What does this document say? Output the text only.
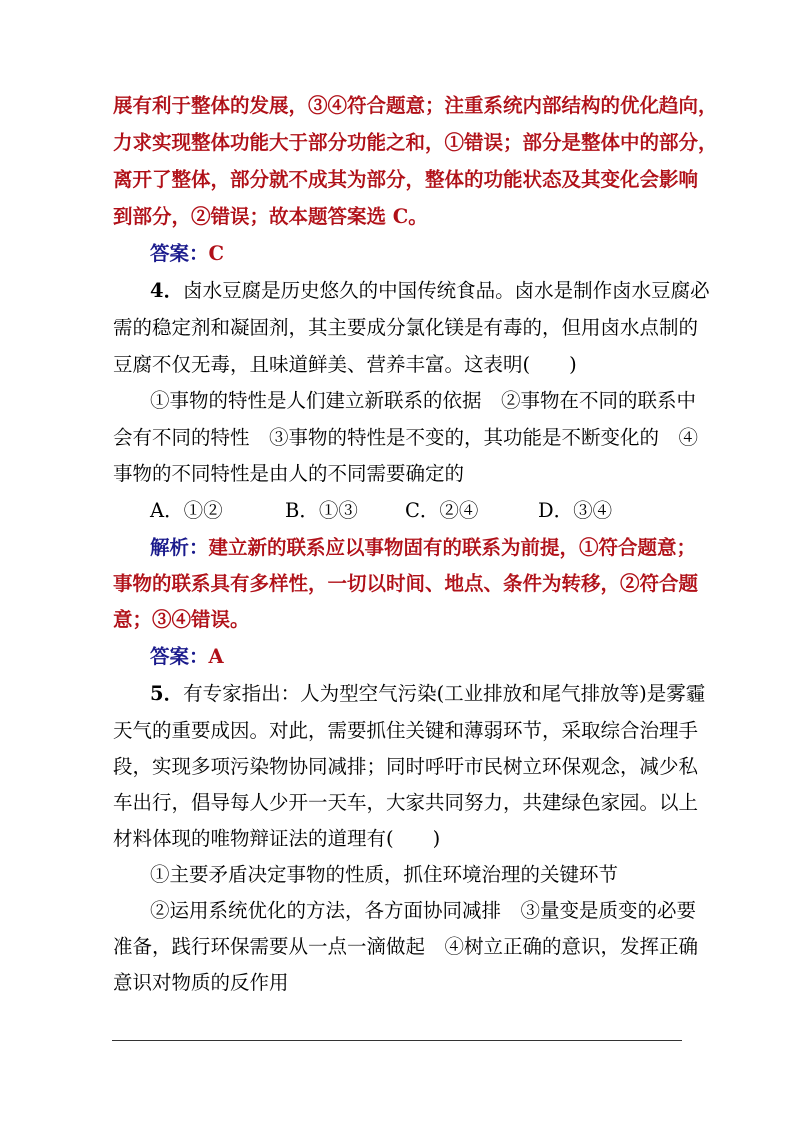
展有利于整体的发展，③④符合题意；注重系统内部结构的优化趋向，
力求实现整体功能大于部分功能之和，①错误；部分是整体中的部分，
离开了整体，部分就不成其为部分，整体的功能状态及其变化会影响
到部分，②错误；故本题答案选 C。
答案：C
4．卤水豆腐是历史悠久的中国传统食品。卤水是制作卤水豆腐必
需的稳定剂和凝固剂，其主要成分氯化镁是有毒的，但用卤水点制的
豆腐不仅无毒，且味道鲜美、营养丰富。这表明(　　)
①事物的特性是人们建立新联系的依据　②事物在不同的联系中
会有不同的特性　③事物的特性是不变的，其功能是不断变化的　④
事物的不同特性是由人的不同需要确定的
A．①②	B．①③ C．②④	D．③④
解析：建立新的联系应以事物固有的联系为前提，①符合题意；
事物的联系具有多样性，一切以时间、地点、条件为转移，②符合题
意；③④错误。
答案：A
5．有专家指出：人为型空气污染(工业排放和尾气排放等)是雾霾
天气的重要成因。对此，需要抓住关键和薄弱环节，采取综合治理手
段，实现多项污染物协同减排；同时呼吁市民树立环保观念，减少私
车出行，倡导每人少开一天车，大家共同努力，共建绿色家园。以上
材料体现的唯物辩证法的道理有(　　)
①主要矛盾决定事物的性质，抓住环境治理的关键环节
②运用系统优化的方法，各方面协同减排　③量变是质变的必要
准备，践行环保需要从一点一滴做起　④树立正确的意识，发挥正确
意识对物质的反作用
